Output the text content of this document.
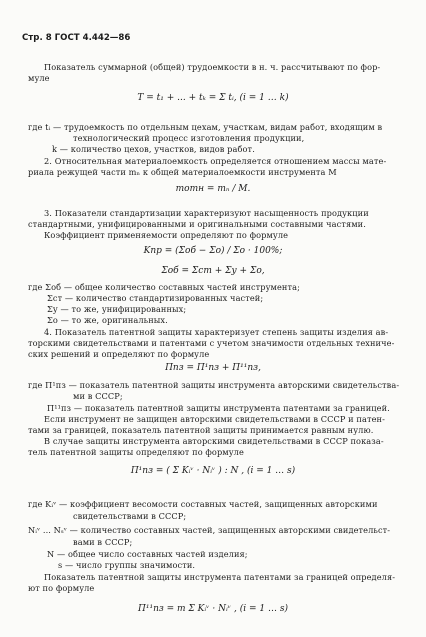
Стр. 8 ГОСТ 4.442—86
Показатель суммарной (общей) трудоемкости в н. ч. рассчитывают по фор-
муле
T = t₁ + ... + tₖ = Σ tᵢ, (i = 1 … k)
где tᵢ — трудоемкость по отдельным цехам, участкам, видам работ, входящим в
технологический процесс изготовления продукции,
k — количество цехов, участков, видов работ.
2. Относительная материалоемкость определяется отношением массы мате-
риала режущей части mₙ к общей материалоемкости инструмента М
mотн = mₙ / M.
3. Показатели стандартизации характеризуют насыщенность продукции
стандартными, унифицированными и оригинальными составными частями.
Коэффициент применяемости определяют по формуле
Kпр = (Σоб − Σо) / Σо · 100%;
Σоб = Σст + Σу + Σо,
где Σоб — общее количество составных частей инструмента;
Σст — количество стандартизированных частей;
Σу — то же, унифицированных;
Σо — то же, оригинальных.
4. Показатель патентной защиты характеризует степень защиты изделия ав-
торскими свидетельствами и патентами с учетом значимости отдельных техниче-
ских решений и определяют по формуле
Πпз = Π¹пз + Π¹¹пз,
где Π¹пз — показатель патентной защиты инструмента авторскими свидетельства-
ми в СССР;
Π¹¹пз — показатель патентной защиты инструмента патентами за границей.
Если инструмент не защищен авторскими свидетельствами в СССР и патен-
тами за границей, показатель патентной защиты принимается равным нулю.
В случае защиты инструмента авторскими свидетельствами в СССР показа-
тель патентной защиты определяют по формуле
Π¹пз = ( Σ Kᵢᵛ · Nᵢᵛ ) : N , (i = 1 … s)
где Kᵢᵛ — коэффициент весомости составных частей, защищенных авторскими
свидетельствами в СССР;
Nᵢᵛ ... Nₛᵛ — количество составных частей, защищенных авторскими свидетельст-
вами в СССР;
N — общее число составных частей изделия;
s — число группы значимости.
Показатель патентной защиты инструмента патентами за границей определя-
ют по формуле
Π¹¹пз = m Σ Kᵢᵛ · Nᵢᵛ , (i = 1 … s)
